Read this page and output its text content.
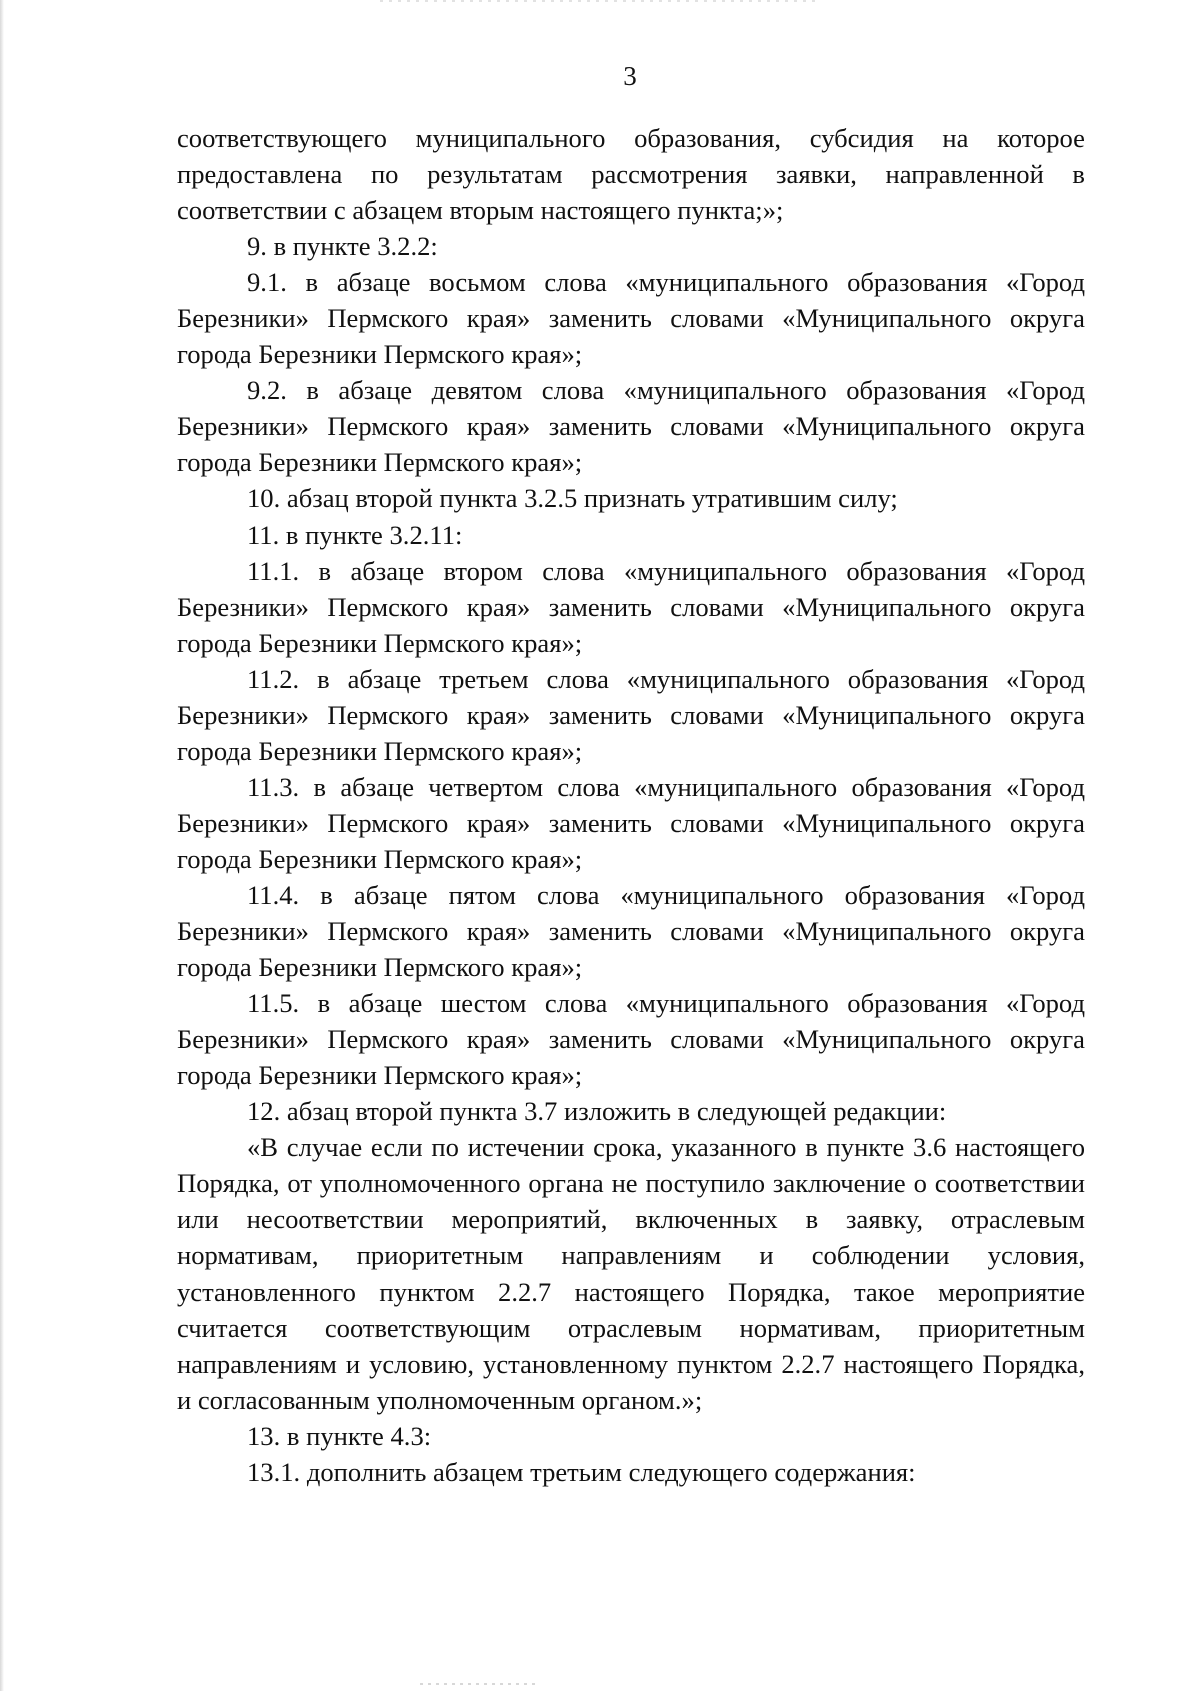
3

соответствующего муниципального образования, субсидия на которое предоставлена по результатам рассмотрения заявки, направленной в соответствии с абзацем вторым настоящего пункта;»;

9. в пункте 3.2.2:

9.1. в абзаце восьмом слова «муниципального образования «Город Березники» Пермского края» заменить словами «Муниципального округа города Березники Пермского края»;

9.2. в абзаце девятом слова «муниципального образования «Город Березники» Пермского края» заменить словами «Муниципального округа города Березники Пермского края»;

10. абзац второй пункта 3.2.5 признать утратившим силу;

11. в пункте 3.2.11:

11.1. в абзаце втором слова «муниципального образования «Город Березники» Пермского края» заменить словами «Муниципального округа города Березники Пермского края»;

11.2. в абзаце третьем слова «муниципального образования «Город Березники» Пермского края» заменить словами «Муниципального округа города Березники Пермского края»;

11.3. в абзаце четвертом слова «муниципального образования «Город Березники» Пермского края» заменить словами «Муниципального округа города Березники Пермского края»;

11.4. в абзаце пятом слова «муниципального образования «Город Березники» Пермского края» заменить словами «Муниципального округа города Березники Пермского края»;

11.5. в абзаце шестом слова «муниципального образования «Город Березники» Пермского края» заменить словами «Муниципального округа города Березники Пермского края»;

12. абзац второй пункта 3.7 изложить в следующей редакции:

«В случае если по истечении срока, указанного в пункте 3.6 настоящего Порядка, от уполномоченного органа не поступило заключение о соответствии или несоответствии мероприятий, включенных в заявку, отраслевым нормативам, приоритетным направлениям и соблюдении условия, установленного пунктом 2.2.7 настоящего Порядка, такое мероприятие считается соответствующим отраслевым нормативам, приоритетным направлениям и условию, установленному пунктом 2.2.7 настоящего Порядка, и согласованным уполномоченным органом.»;

13. в пункте 4.3:

13.1. дополнить абзацем третьим следующего содержания:
